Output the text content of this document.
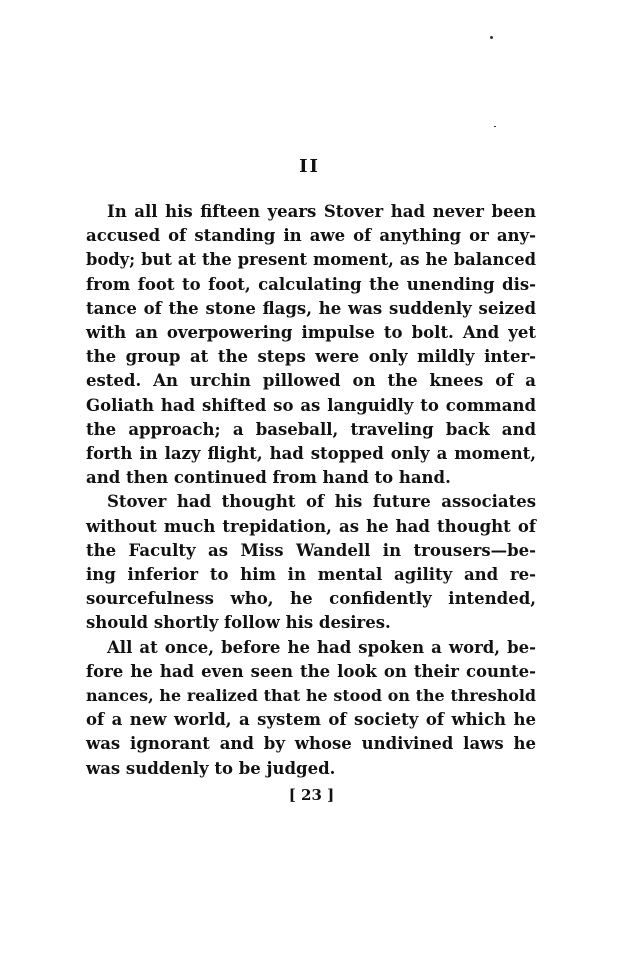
II

In all his fifteen years Stover had never been
accused of standing in awe of anything or any-
body; but at the present moment, as he balanced
from foot to foot, calculating the unending dis-
tance of the stone flags, he was suddenly seized
with an overpowering impulse to bolt. And yet
the group at the steps were only mildly inter-
ested. An urchin pillowed on the knees of a
Goliath had shifted so as languidly to command
the approach; a baseball, traveling back and
forth in lazy flight, had stopped only a moment,
and then continued from hand to hand.

Stover had thought of his future associates
without much trepidation, as he had thought of
the Faculty as Miss Wandell in trousers—be-
ing inferior to him in mental agility and re-
sourcefulness who, he confidently intended,
should shortly follow his desires.

All at once, before he had spoken a word, be-
fore he had even seen the look on their counte-
nances, he realized that he stood on the threshold
of a new world, a system of society of which he
was ignorant and by whose undivined laws he
was suddenly to be judged.

[ 23 ]
